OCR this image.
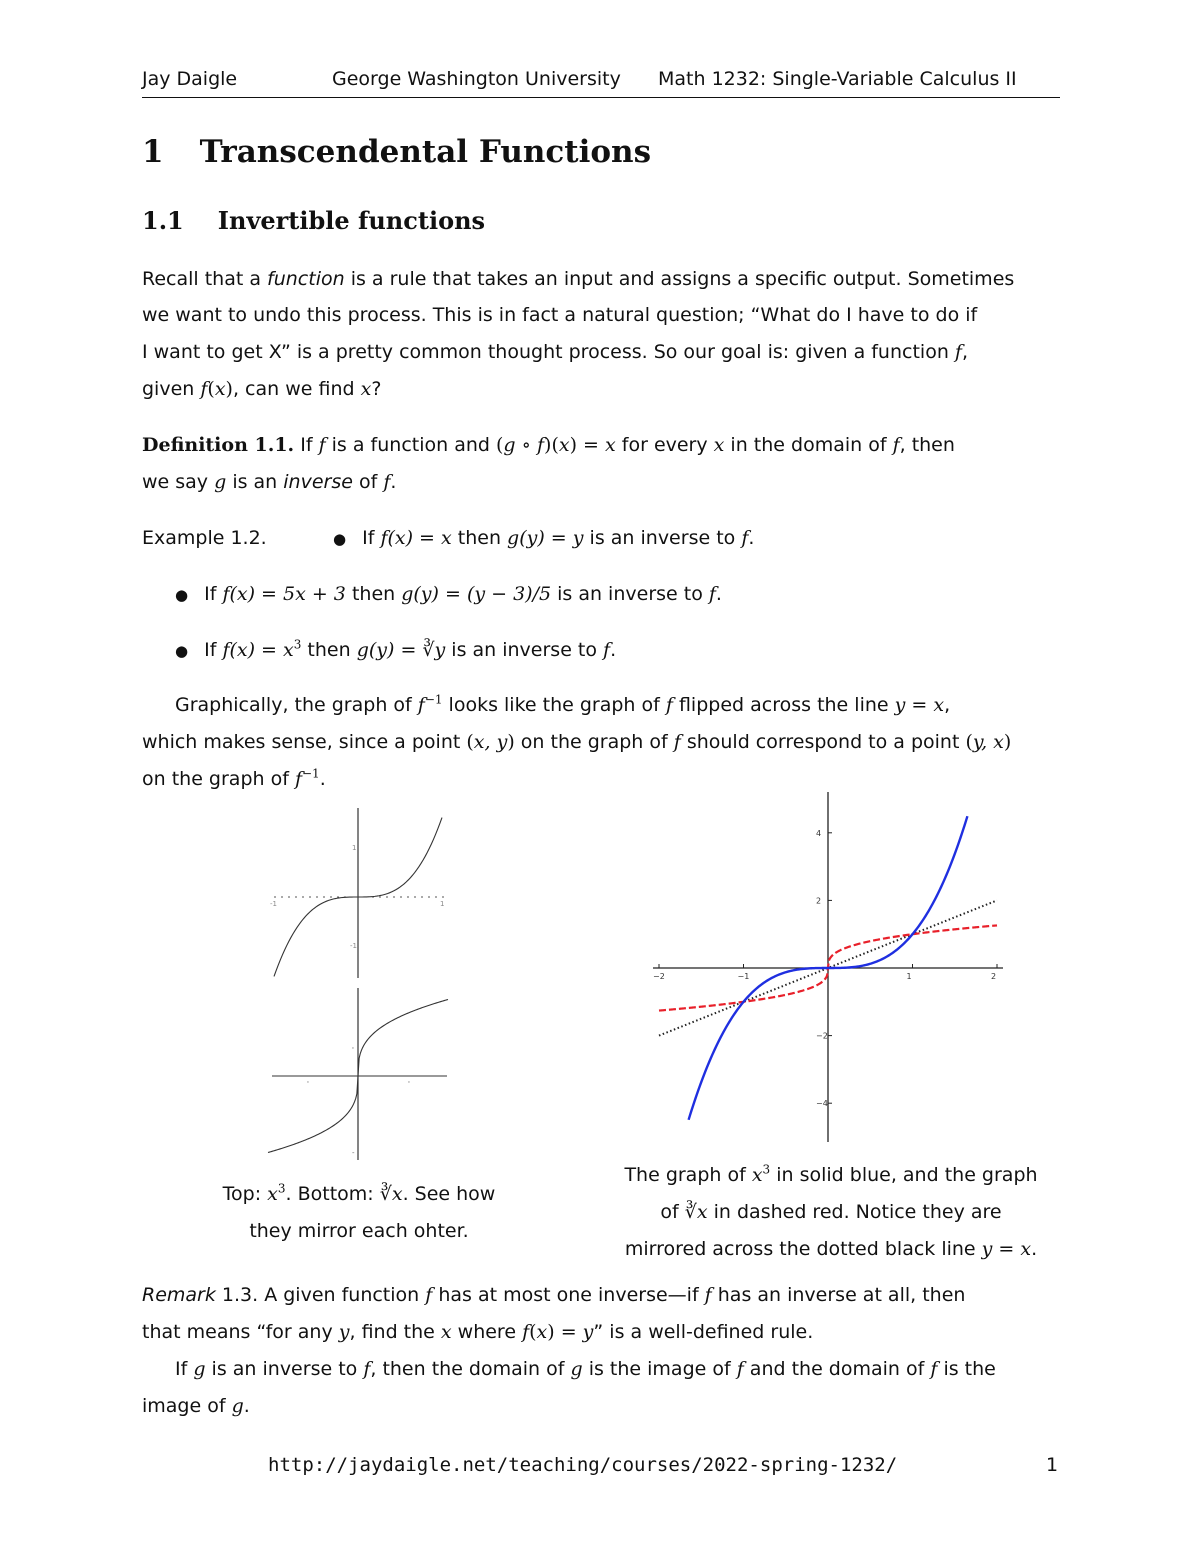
Jay Daigle	George Washington University Math 1232: Single-Variable Calculus II
1 Transcendental Functions
1.1 Invertible functions
Recall that a function is a rule that takes an input and assigns a specific output. Sometimes
we want to undo this process. This is in fact a natural question; “What do I have to do if
I want to get X” is a pretty common thought process. So our goal is: given a function f,
given f(x), can we find x?
Definition 1.1. If f is a function and (g ∘ f)(x) = x for every x in the domain of f, then
we say g is an inverse of f.
Example 1.2.	● If f(x) = x then g(y) = y is an inverse to f.
● If f(x) = 5x + 3 then g(y) = (y − 3)/5 is an inverse to f.
● If $f(x) = x^3$ then g(y) = ∛y is an inverse to f.
Graphically, the graph of $f^{-1}$ looks like the graph of f flipped across the line y = x,
which makes sense, since a point (x, y) on the graph of f should correspond to a point (y, x)
on the graph of $f^{-1}$.
-1	1
1
-1
'	'
'
-
−2	−1	1	2
4
2
−2
−4
Top: $x^3$. Bottom: ∛x. See how
they mirror each ohter.
The graph of $x^3$ in solid blue, and the graph
of ∛x in dashed red. Notice they are
mirrored across the dotted black line y = x.
Remark 1.3. A given function f has at most one inverse—if f has an inverse at all, then
that means “for any y, find the x where f(x) = y” is a well-defined rule.
If g is an inverse to f, then the domain of g is the image of f and the domain of f is the
image of g.
http://jaydaigle.net/teaching/courses/2022-spring-1232/	1
